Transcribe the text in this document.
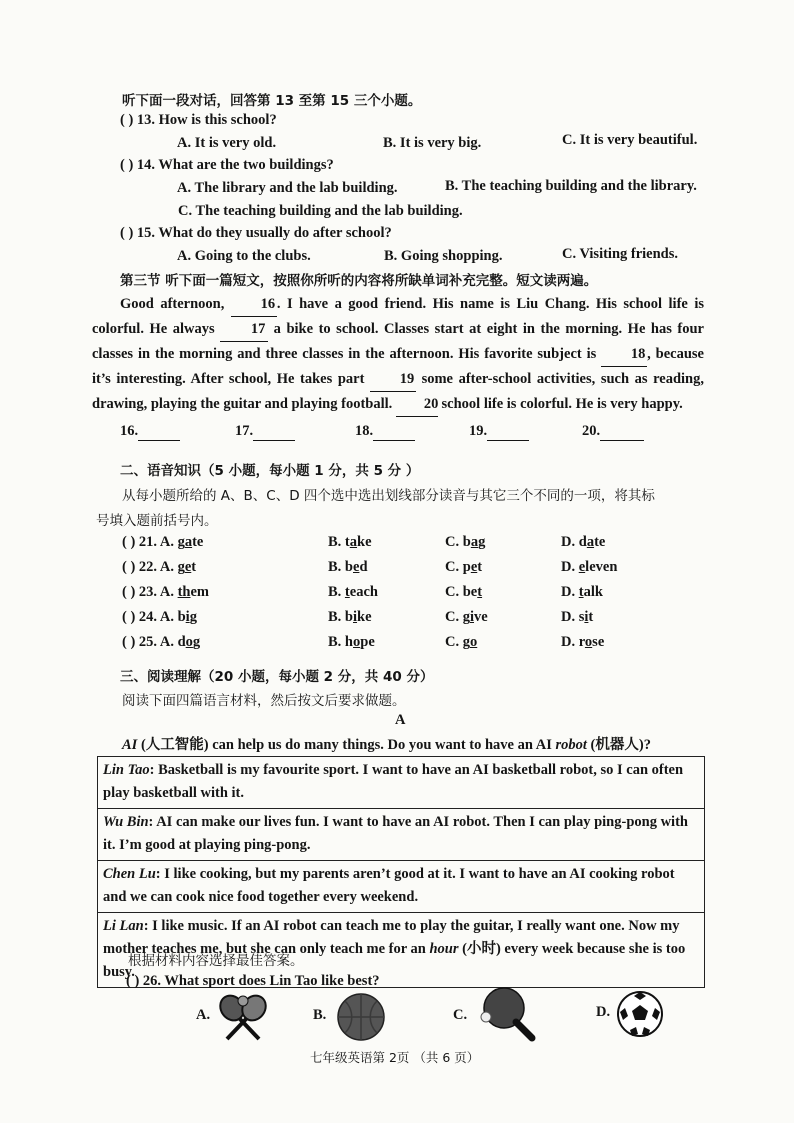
听下面一段对话，回答第 13 至第 15 三个小题。
( ) 13. How is this school?
A. It is very old.	B. It is very big.	C. It is very beautiful.
( ) 14. What are the two buildings?
A. The library and the lab building.	B. The teaching building and the library.
C. The teaching building and the lab building.
( ) 15. What do they usually do after school?
A. Going to the clubs.	B. Going shopping.	C. Visiting friends.
第三节 听下面一篇短文，按照你所听的内容将所缺单词补充完整。短文读两遍。
Good afternoon, 16 . I have a good friend. His name is Liu Chang. His school life is colorful. He always	17 a bike to school. Classes start at eight in the morning. He has four classes in the morning and three classes in the afternoon. His favorite subject is 18 , because it’s interesting. After school, He takes part 19 some after-school activities, such as reading, drawing, playing the guitar and playing football. 20 school life is colorful. He is very happy.
16.	17.	18.	19.	20.
二、语音知识（5 小题，每小题 1 分，共 5 分 ）
从每小题所给的 A、B、C、D 四个选中选出划线部分读音与其它三个不同的一项，将其标
号填入题前括号内。
( ) 21. A. gate	B. take	C. bag	D. date
( ) 22. A. get	B. bed	C. pet	D. eleven
( ) 23. A. them	B. teach	C. bet	D. talk
( ) 24. A. big	B. bike	C. give	D. sit
( ) 25. A. dog	B. hope	C. go	D. rose
三、阅读理解（20 小题，每小题 2 分，共 40 分）
阅读下面四篇语言材料，然后按文后要求做题。
A
AI (人工智能) can help us do many things. Do you want to have an AI robot (机器人)?
Lin Tao: Basketball is my favourite sport. I want to have an AI basketball robot, so I can often play basketball with it.
Wu Bin: AI can make our lives fun. I want to have an AI robot. Then I can play ping-pong with it. I’m good at playing ping-pong.
Chen Lu: I like cooking, but my parents aren’t good at it. I want to have an AI cooking robot and we can cook nice food together every weekend.
Li Lan: I like music. If an AI robot can teach me to play the guitar, I really want one. Now my mother teaches me, but she can only teach me for an hour (小时) every week because she is too busy.
根据材料内容选择最佳答案。
( ) 26. What sport does Lin Tao like best?
A.	B.	C.	D.
七年级英语第 2页 （共 6 页）
